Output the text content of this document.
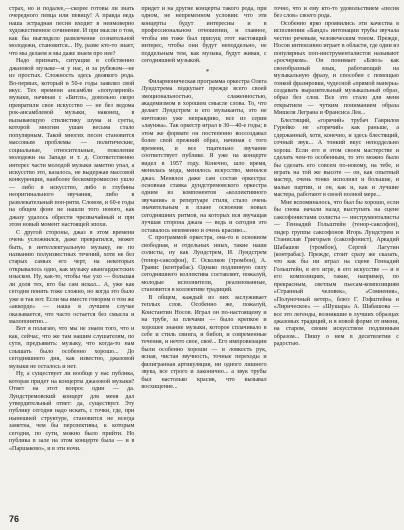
страх, но и подалее,—скорее готовы ли знать очередного певца или певицу! А правда ведь наша эстрадная песня входит в неимоверно художественное сочинение. И при мысли о том, как бы выглядело развлечение сознательной молодежи, становится... Ну, разве кто-то знает, что мы делаем и мы даже знаем про нее?

Надо признать, ситуация в собственно джазовой музыке—и у нас, и за рубежом—не из простых. Сложность здесь двоякого рода. Во-первых, который в 50-е годы заявлял свой вкус. Тех времени ансамбли «популярной» музыки, начиная с «Битлз», довольно скоро превратили свое искусство — не без ведома рок-ансамблевой музыки, наконец, в вызывающую стилистику шума и суеты, которой многим ушам весьма стало популярным. Такой многих песен становится массовым проблемы — политические, социальные, относительные, поколение молодежи на Западе и т. д. Соответственно интерес части молодой музыки заметно упал, а искусство это, казалось, не выдержав массовой конкуренции, наиболее бескомпромиссно ушло — либо в искусство, либо в глубины неоригинального звучания, либо в развлекательный поп-ритм. Словом, и 60-е годы на общем фоне не нашли того нового, как джазу удалось обрести чрезвычайный и при этом новый момент настоящей эпохи.

С другой стороны, джаз в этом времени очень усложнился, даже превратился, может быть, в интеллектуальную музыку, не по названию полуизвестных течений, хотя не без старых самых его черт, на некоторых открывалось одно, как музыку авангардистских изысков. Ну, как-то, чтобы чье ухо — большая ли доля тех, кто бы сам искал... А, уже как сегодня понять тоже сложно, но когда это было уже и так вот. Если мы вместе говорим о том же «аккорде» — наша в лучшем случае оказывается, что часто остается без смысла и малопонятно...

Вот я полагаю, что мы не знаем того, что и как, сейчас, что же там нашим слушателям, по сути, предъявить: музыку, что когда-то нам слышать было особенно хорошо... До сегодняшнего дня, как известно, джазовой музыки не осталось и нет.

Ну, а существует ли вообще у нас публика, которая придет на концерты джазовой музыки? Ответ на этот вопрос один — да. Лундстремовский концерт для меня дал утвердительный ответ: да, существует. Эту публику сегодня надо искать, с точки, где, при нынешней структуре, становится не всегда заметна, чем бы перспективы, к которым сегодня, по сути, можно было прийти. Но публика в зале на этом концерте была — и в «Паршаково», и в эти ночи.

придет и на другие концерты такого рода, при одном, не непременном условии: что эти концерты будут интересны и в профессиональном отношении, и главное, чтобы им тоже был присущ этот настоящий интерес, чтобы они будут неподдельно, не поддельным тем, как музыка, будут живая, с сегодняшней музыкой.

*

Филармоническая программа оркестра Олега Лундстрема подкупает прежде всего своей эмоциональностью, слаженностью, академизмом в хорошем смысле слова. То, что делает Лундстрем и его музыканты, это не ничтожно уже неправдиво, все из серии «лаунжа». Так оркестр играл в 30—40-е годы; в этом же формате он постепенно воссоздавал более свой прежний образ, начиная с того времени, и все тщательно звучание соответствует публике. Я уже на концерте видел в 1957 году. Конечно, шло время, менялась мода, менялось искусство, менялся джаз. Менялся даже сам состав оркестра: основная ставка дундстремовского оркестра одним из компонентов «коллективного звучания» в репертуаре стиля, стало очень значительным в плане освоения новых сегодняшних ритмов, на которых вся звучащая лучшая сторона джаза — ведь и сегодня это оставалось неизменно и очень красиво...

С программой оркестра, она-то в основном свободная, и отдельных иных, такие наши солисты, ну как Лундстрем, И. Лундстрем (тенор-саксофон), Г. Осколков (тромбон), А. Гравис (контрабас). Однако подлинную силу сегодняшнего коллектива составляет, пожалуй, молодые исполнители, реализованные, становится в коллективе традиций.

В общем, каждый из них заслуживает теплых слов. Особенно же, пожалуй, Константин Носов. Играл он по-настоящему и на трубе, за плечами — было крепкое и хорошее знание музыки, которое сплачивало в себе и стиль свинга, и бибоп, и современные течения, и нечто свое, своё... Его импровизации были особенно хороши — и ловкость рук, ясная, чистая звучность, точные переходы и филигранная артикуляция, ни одного лишнего звука, все строго и лаконично... а звук трубы был настолько красив, что вызывал восхищение...

точно, что и ему кто-то удовольствием «песня без слов» своего рода.

Особенно ярко проявились эти качества в исполнении «Бандл» интонации трубы звучала честно речевым, человеческим тоном. Прежде, Носов интенсивно играет в области, где одни из популярных поп-инструменталистов называют «росчерком». Он понимает «Блюз» как своеобразный язык, работающий на музыкальную фразу, и способен с помощью тонкой фразировки, чудесной «прямой манеры» создавать выразительный музыкальный образ, образ без слов. Все это стало для меня открытием — чутким пониманием образа Мишеля Леграна и Франсиса Лея...

Блестящий, «горячий» трубач Гаврилов Гурейко не «горячий» как раньше, а сдержанный, хотя, конечно, и здесь блестящий, сочный звук... А тонкий вкус неподдельно хорош. Если его в этом своем мастерстве и сделать чем-то особенным, то это можно было бы сделать его совсем по-новому, на тебе, и играть на той же высоте — он, как опытный мастер, очень тонко исполнял и большие, и малые партии, и он, как и, как и лучшие мастера, работают в своей полной мере...

Мне вспоминалось, что был бы хорошо, если бы снова начали назад выступать на сцене саксофонистами солисты — инструменталисты — Геннадий Гольштейн (тенор-саксофон), лидер группы саксофонов Игорь Лундстрем и Станислав Григорьев (саксофонист), Аркадий Шабашов (тромбон), Сергей Лагутин (контрабас). Прежде, стоит сразу же сказать, что как бы ни играл на сцене Геннадий Гольштейн, в его игре, в его искусстве — и в его композициях, такие, например, по прекрасным, светлым пьесам-композициям «Странный человек», «Сомнения», «Полуночный ветер», блюз Г. Гофштейна и «Лирическое» — «Шушара» А. Шабашова — все это легенды, возникшие в лучших образцах джазовых традиций, и в новой форме от имени, на старом, своим искусством подлинным образом... Пишу о нем в десятилетии с радостью.

76
